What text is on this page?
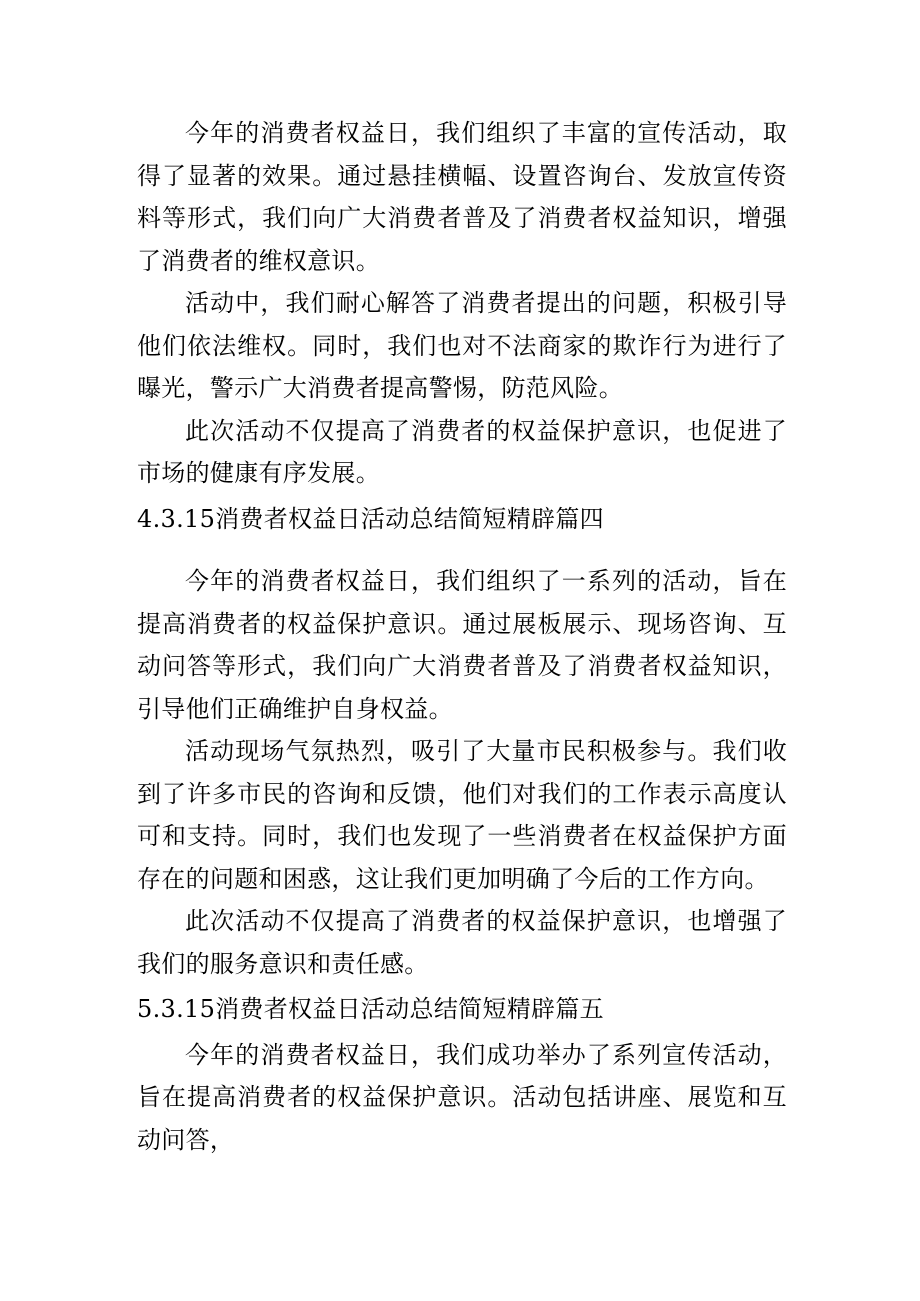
今年的消费者权益日，我们组织了丰富的宣传活动，取得了显著的效果。通过悬挂横幅、设置咨询台、发放宣传资料等形式，我们向广大消费者普及了消费者权益知识，增强了消费者的维权意识。

活动中，我们耐心解答了消费者提出的问题，积极引导他们依法维权。同时，我们也对不法商家的欺诈行为进行了曝光，警示广大消费者提高警惕，防范风险。

此次活动不仅提高了消费者的权益保护意识，也促进了市场的健康有序发展。

4.3.15消费者权益日活动总结简短精辟篇四

今年的消费者权益日，我们组织了一系列的活动，旨在提高消费者的权益保护意识。通过展板展示、现场咨询、互动问答等形式，我们向广大消费者普及了消费者权益知识，引导他们正确维护自身权益。

活动现场气氛热烈，吸引了大量市民积极参与。我们收到了许多市民的咨询和反馈，他们对我们的工作表示高度认可和支持。同时，我们也发现了一些消费者在权益保护方面存在的问题和困惑，这让我们更加明确了今后的工作方向。

此次活动不仅提高了消费者的权益保护意识，也增强了我们的服务意识和责任感。

5.3.15消费者权益日活动总结简短精辟篇五

今年的消费者权益日，我们成功举办了系列宣传活动，旨在提高消费者的权益保护意识。活动包括讲座、展览和互动问答，
